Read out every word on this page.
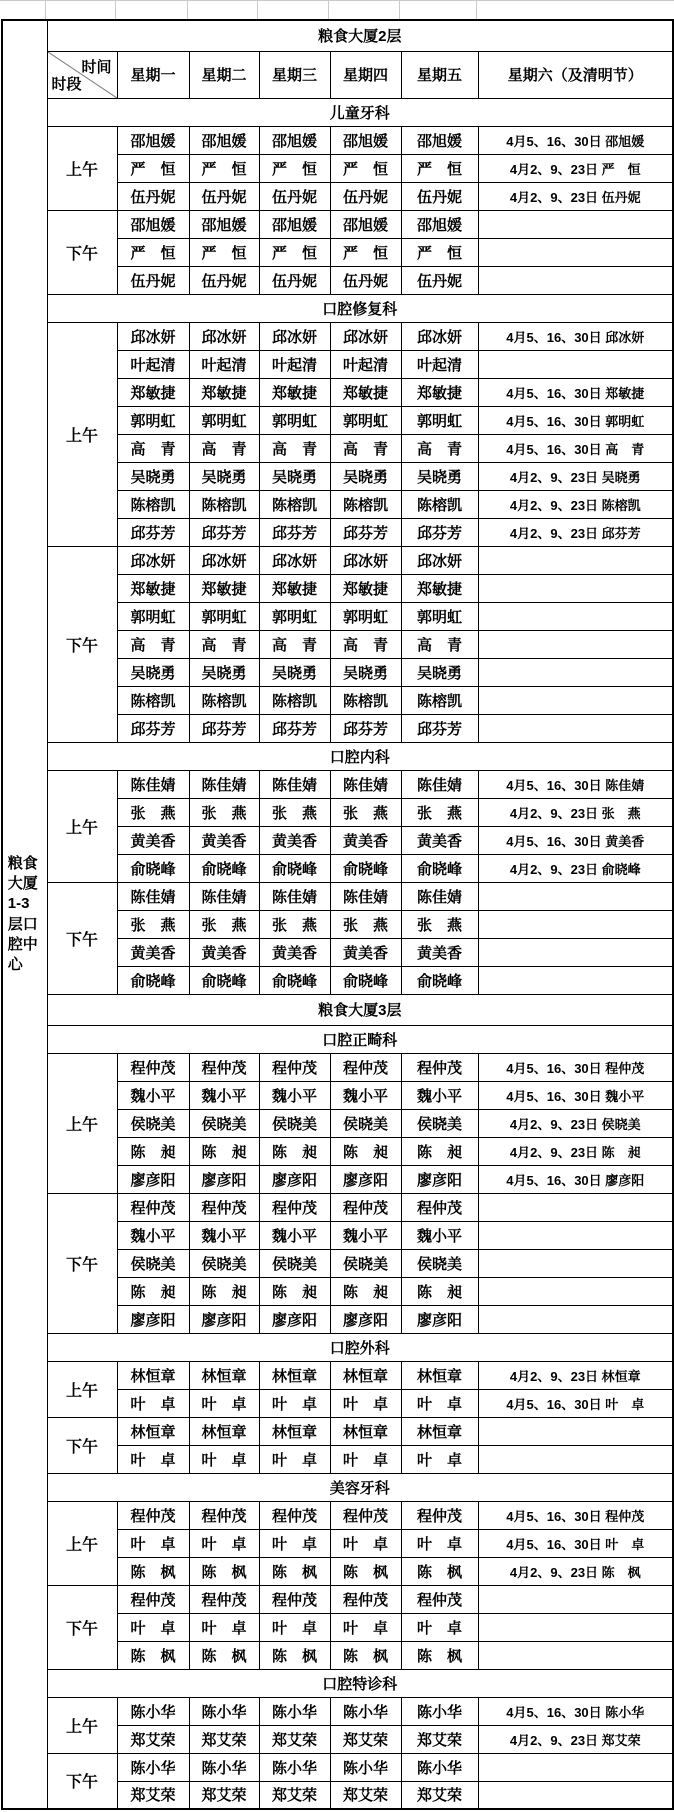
粮食大厦1-3层口腔中心	粮食大厦2层						

	时间
时段	星期一	星期二	星期三	星期四	星期五	星期六（及清明节）
	儿童牙科						
	上午	邵旭媛	邵旭媛	邵旭媛	邵旭媛	邵旭媛	4月5、16、30日 邵旭媛
		严　恒	严　恒	严　恒	严　恒	严　恒	4月2、9、23日 严　恒
		伍丹妮	伍丹妮	伍丹妮	伍丹妮	伍丹妮	4月2、9、23日 伍丹妮
	下午	邵旭媛	邵旭媛	邵旭媛	邵旭媛	邵旭媛	
		严　恒	严　恒	严　恒	严　恒	严　恒	
		伍丹妮	伍丹妮	伍丹妮	伍丹妮	伍丹妮	
	口腔修复科						
	上午	邱冰妍	邱冰妍	邱冰妍	邱冰妍	邱冰妍	4月5、16、30日 邱冰妍
		叶起清	叶起清	叶起清	叶起清	叶起清	
		郑敏捷	郑敏捷	郑敏捷	郑敏捷	郑敏捷	4月5、16、30日 郑敏捷
		郭明虹	郭明虹	郭明虹	郭明虹	郭明虹	4月5、16、30日 郭明虹
		高　青	高　青	高　青	高　青	高　青	4月5、16、30日 高　青
		吴晓勇	吴晓勇	吴晓勇	吴晓勇	吴晓勇	4月2、9、23日 吴晓勇
		陈榕凯	陈榕凯	陈榕凯	陈榕凯	陈榕凯	4月2、9、23日 陈榕凯
		邱芬芳	邱芬芳	邱芬芳	邱芬芳	邱芬芳	4月2、9、23日 邱芬芳
	下午	邱冰妍	邱冰妍	邱冰妍	邱冰妍	邱冰妍	
		郑敏捷	郑敏捷	郑敏捷	郑敏捷	郑敏捷	
		郭明虹	郭明虹	郭明虹	郭明虹	郭明虹	
		高　青	高　青	高　青	高　青	高　青	
		吴晓勇	吴晓勇	吴晓勇	吴晓勇	吴晓勇	
		陈榕凯	陈榕凯	陈榕凯	陈榕凯	陈榕凯	
		邱芬芳	邱芬芳	邱芬芳	邱芬芳	邱芬芳	
	口腔内科						
	上午	陈佳婧	陈佳婧	陈佳婧	陈佳婧	陈佳婧	4月5、16、30日 陈佳婧
		张　燕	张　燕	张　燕	张　燕	张　燕	4月2、9、23日 张　燕
		黄美香	黄美香	黄美香	黄美香	黄美香	4月5、16、30日 黄美香
		俞晓峰	俞晓峰	俞晓峰	俞晓峰	俞晓峰	4月2、9、23日 俞晓峰
	下午	陈佳婧	陈佳婧	陈佳婧	陈佳婧	陈佳婧	
		张　燕	张　燕	张　燕	张　燕	张　燕	
		黄美香	黄美香	黄美香	黄美香	黄美香	
		俞晓峰	俞晓峰	俞晓峰	俞晓峰	俞晓峰	
	粮食大厦3层						
	口腔正畸科						
	上午	程仲茂	程仲茂	程仲茂	程仲茂	程仲茂	4月5、16、30日 程仲茂
		魏小平	魏小平	魏小平	魏小平	魏小平	4月5、16、30日 魏小平
		侯晓美	侯晓美	侯晓美	侯晓美	侯晓美	4月2、9、23日 侯晓美
		陈　昶	陈　昶	陈　昶	陈　昶	陈　昶	4月2、9、23日 陈　昶
		廖彦阳	廖彦阳	廖彦阳	廖彦阳	廖彦阳	4月5、16、30日 廖彦阳
	下午	程仲茂	程仲茂	程仲茂	程仲茂	程仲茂	
		魏小平	魏小平	魏小平	魏小平	魏小平	
		侯晓美	侯晓美	侯晓美	侯晓美	侯晓美	
		陈　昶	陈　昶	陈　昶	陈　昶	陈　昶	
		廖彦阳	廖彦阳	廖彦阳	廖彦阳	廖彦阳	
	口腔外科						
	上午	林恒章	林恒章	林恒章	林恒章	林恒章	4月2、9、23日 林恒章
		叶　卓	叶　卓	叶　卓	叶　卓	叶　卓	4月5、16、30日 叶　卓
	下午	林恒章	林恒章	林恒章	林恒章	林恒章	
		叶　卓	叶　卓	叶　卓	叶　卓	叶　卓	
	美容牙科						
	上午	程仲茂	程仲茂	程仲茂	程仲茂	程仲茂	4月5、16、30日 程仲茂
		叶　卓	叶　卓	叶　卓	叶　卓	叶　卓	4月5、16、30日 叶　卓
		陈　枫	陈　枫	陈　枫	陈　枫	陈　枫	4月2、9、23日 陈　枫
	下午	程仲茂	程仲茂	程仲茂	程仲茂	程仲茂	
		叶　卓	叶　卓	叶　卓	叶　卓	叶　卓	
		陈　枫	陈　枫	陈　枫	陈　枫	陈　枫	
	口腔特诊科						
	上午	陈小华	陈小华	陈小华	陈小华	陈小华	4月5、16、30日 陈小华
		郑艾荣	郑艾荣	郑艾荣	郑艾荣	郑艾荣	4月2、9、23日 郑艾荣
	下午	陈小华	陈小华	陈小华	陈小华	陈小华	
		郑艾荣	郑艾荣	郑艾荣	郑艾荣	郑艾荣	
